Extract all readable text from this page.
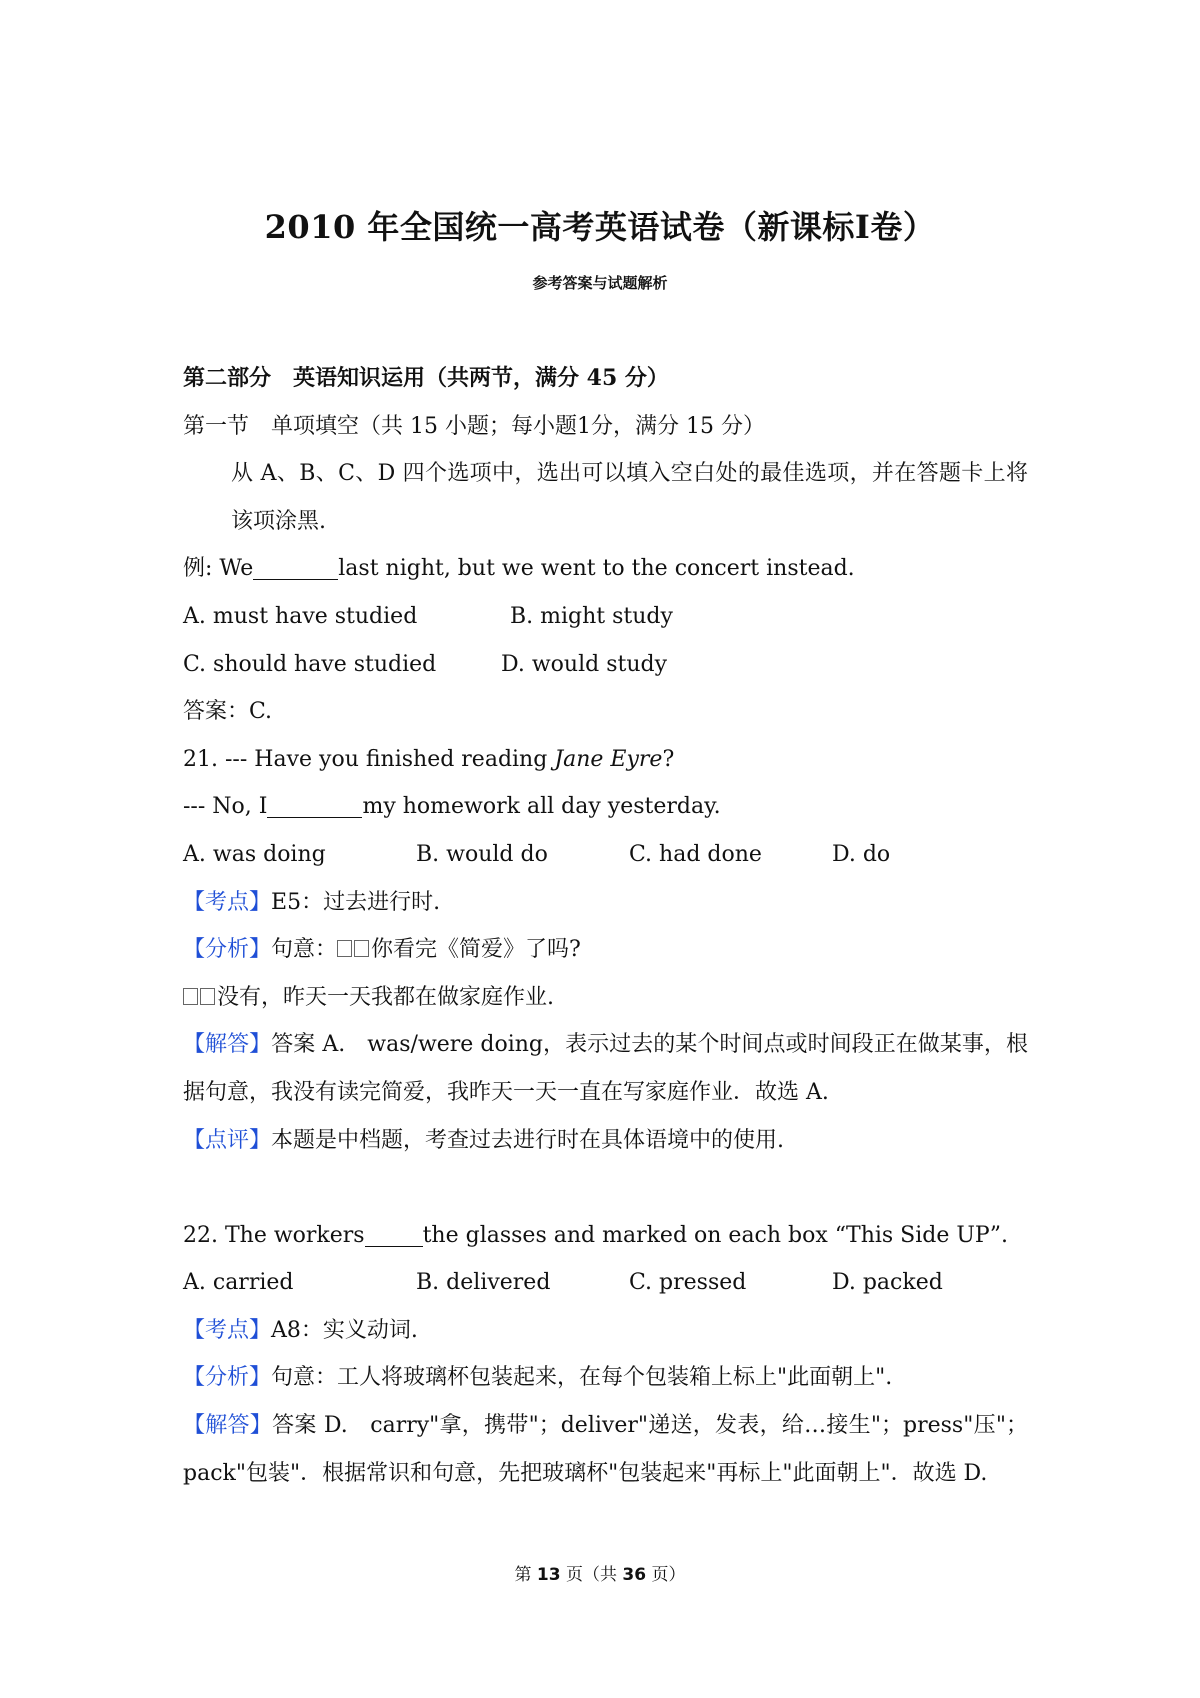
2010 年全国统一高考英语试卷（新课标I卷）
参考答案与试题解析
第二部分　英语知识运用（共两节，满分 45 分）
第一节　单项填空（共 15 小题；每小题1分，满分 15 分）
从 A、B、C、D 四个选项中，选出可以填入空白处的最佳选项，并在答题卡上将该项涂黑.
例: We	last night, but we went to the concert instead.
A. must have studied	B. might study
C. should have studied	D. would study
答案：C.
21. --- Have you finished reading Jane Eyre?
--- No, I	my homework all day yesterday.
A. was doing	B. would do	C. had done	D. do
【考点】E5：过去进行时.
【分析】句意： 你看完《简爱》了吗?
没有，昨天一天我都在做家庭作业.
【解答】答案 A.　was/were doing，表示过去的某个时间点或时间段正在做某事，根据句意，我没有读完简爱，我昨天一天一直在写家庭作业．故选 A.
【点评】本题是中档题，考查过去进行时在具体语境中的使用.
22. The workers	the glasses and marked on each box “This Side UP”.
A. carried	B. delivered	C. pressed	D. packed
【考点】A8：实义动词.
【分析】句意：工人将玻璃杯包装起来，在每个包装箱上标上"此面朝上".
【解答】答案 D.　carry"拿，携带"；deliver"递送，发表，给…接生"；press"压"；pack"包装"．根据常识和句意，先把玻璃杯"包装起来"再标上"此面朝上"．故选 D.
第 13 页（共 36 页）
